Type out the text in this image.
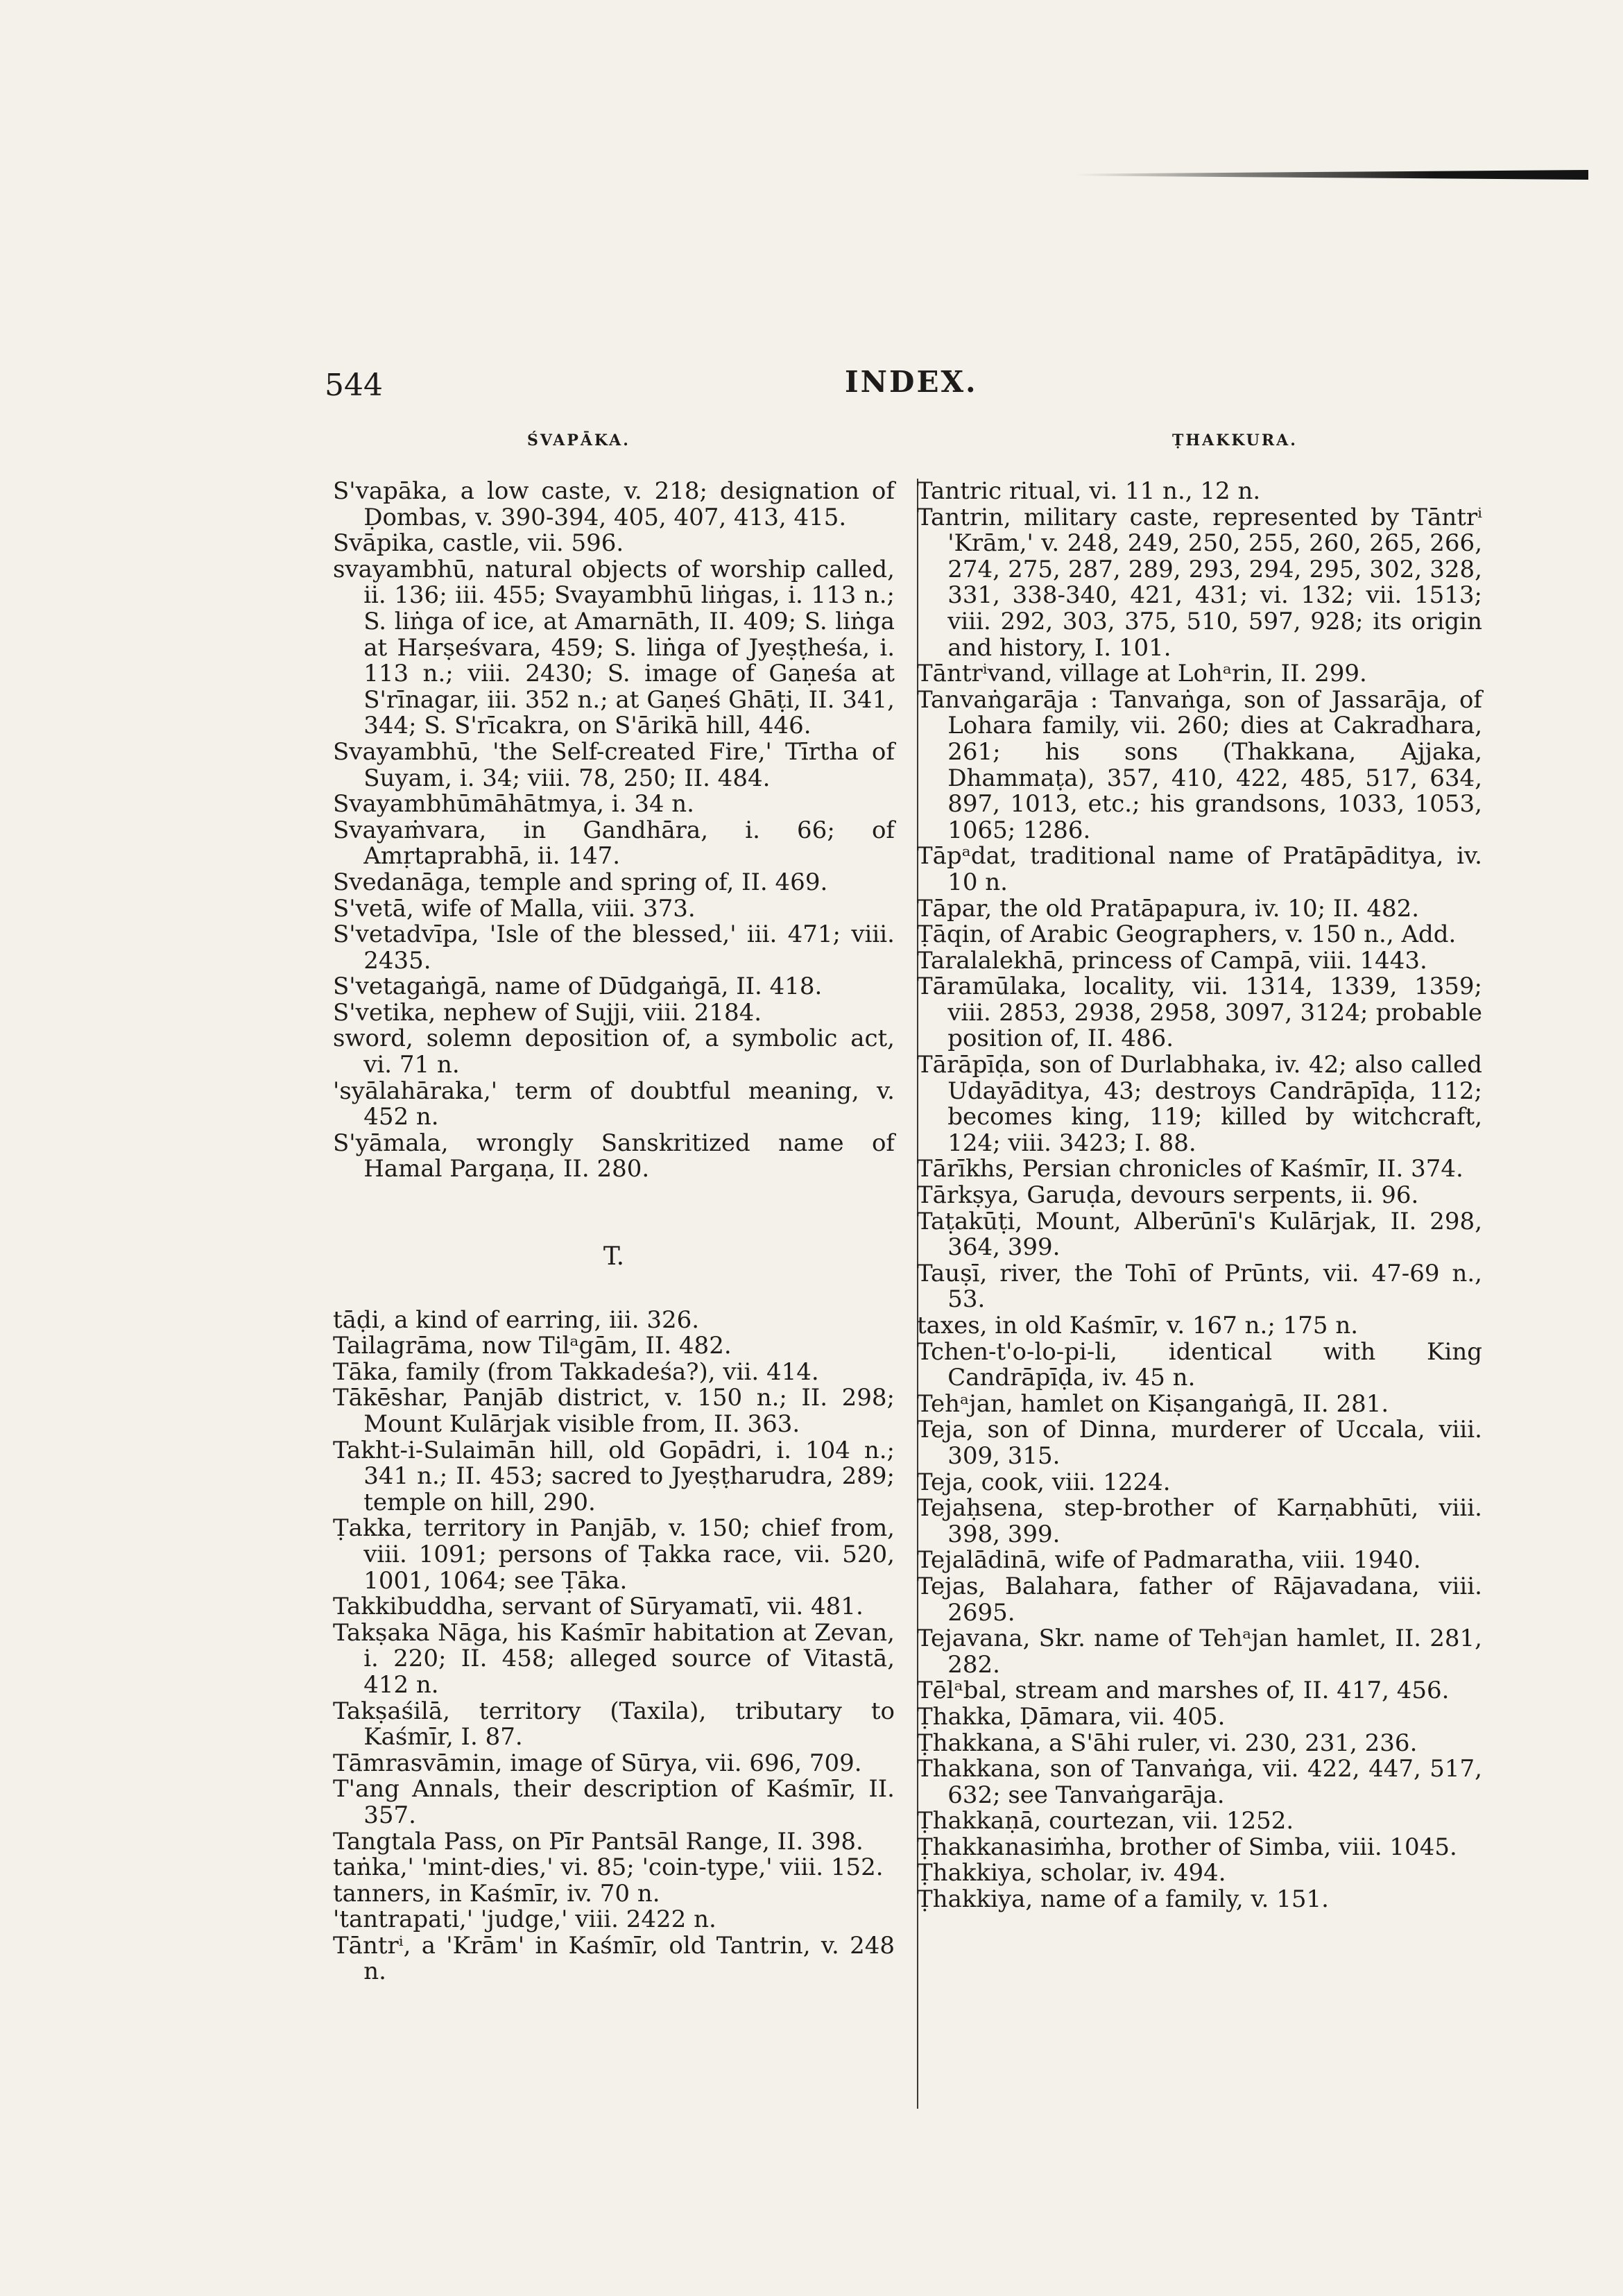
544	INDEX.
ŚVAPĀKA.	ṬHAKKURA.
S'vapāka, a low caste, v. 218; designation of Ḍombas, v. 390-394, 405, 407, 413, 415.
Svāpika, castle, vii. 596.
svayambhū, natural objects of worship called, ii. 136; iii. 455; Svayambhū liṅgas, i. 113 n.; S. liṅga of ice, at Amarnāth, II. 409; S. liṅga at Harṣeśvara, 459; S. liṅga of Jyeṣṭheśa, i. 113 n.; viii. 2430; S. image of Gaṇeśa at S'rīnagar, iii. 352 n.; at Gaṇeś Ghāṭi, II. 341, 344; S. S'rīcakra, on S'ārikā hill, 446.
Svayambhū, 'the Self-created Fire,' Tīrtha of Suyam, i. 34; viii. 78, 250; II. 484.
Svayambhūmāhātmya, i. 34 n.
Svayaṁvara, in Gandhāra, i. 66; of Amṛtaprabhā, ii. 147.
Svedanāga, temple and spring of, II. 469.
S'vetā, wife of Malla, viii. 373.
S'vetadvīpa, 'Isle of the blessed,' iii. 471; viii. 2435.
S'vetagaṅgā, name of Dūdgaṅgā, II. 418.
S'vetika, nephew of Sujji, viii. 2184.
sword, solemn deposition of, a symbolic act, vi. 71 n.
'syālahāraka,' term of doubtful meaning, v. 452 n.
S'yāmala, wrongly Sanskritized name of Hamal Pargaṇa, II. 280.
T.
tāḍi, a kind of earring, iii. 326.
Tailagrāma, now Tilᵃgām, II. 482.
Tāka, family (from Takkadeśa?), vii. 414.
Tākēshar, Panjāb district, v. 150 n.; II. 298; Mount Kulārjak visible from, II. 363.
Takht-i-Sulaimān hill, old Gopādri, i. 104 n.; 341 n.; II. 453; sacred to Jyeṣṭharudra, 289; temple on hill, 290.
Ṭakka, territory in Panjāb, v. 150; chief from, viii. 1091; persons of Ṭakka race, vii. 520, 1001, 1064; see Ṭāka.
Takkibuddha, servant of Sūryamatī, vii. 481.
Takṣaka Nāga, his Kaśmīr habitation at Zevan, i. 220; II. 458; alleged source of Vitastā, 412 n.
Takṣaśilā, territory (Taxila), tributary to Kaśmīr, I. 87.
Tāmrasvāmin, image of Sūrya, vii. 696, 709.
T'ang Annals, their description of Kaśmīr, II. 357.
Tangtala Pass, on Pīr Pantsāl Range, II. 398.
taṅka,' 'mint-dies,' vi. 85; 'coin-type,' viii. 152.
tanners, in Kaśmīr, iv. 70 n.
'tantrapati,' 'judge,' viii. 2422 n.
Tāntrⁱ, a 'Krām' in Kaśmīr, old Tantrin, v. 248 n.
Tantric ritual, vi. 11 n., 12 n.
Tantrin, military caste, represented by Tāntrⁱ 'Krām,' v. 248, 249, 250, 255, 260, 265, 266, 274, 275, 287, 289, 293, 294, 295, 302, 328, 331, 338-340, 421, 431; vi. 132; vii. 1513; viii. 292, 303, 375, 510, 597, 928; its origin and history, I. 101.
Tāntrⁱvand, village at Lohᵃrin, II. 299.
Tanvaṅgarāja : Tanvaṅga, son of Jassarāja, of Lohara family, vii. 260; dies at Cakradhara, 261; his sons (Thakkana, Ajjaka, Dhammaṭa), 357, 410, 422, 485, 517, 634, 897, 1013, etc.; his grandsons, 1033, 1053, 1065; 1286.
Tāpᵃdat, traditional name of Pratāpāditya, iv. 10 n.
Tāpar, the old Pratāpapura, iv. 10; II. 482.
Ṭāqin, of Arabic Geographers, v. 150 n., Add.
Taralalekhā, princess of Campā, viii. 1443.
Tāramūlaka, locality, vii. 1314, 1339, 1359; viii. 2853, 2938, 2958, 3097, 3124; probable position of, II. 486.
Tārāpīḍa, son of Durlabhaka, iv. 42; also called Udayāditya, 43; destroys Candrāpīḍa, 112; becomes king, 119; killed by witchcraft, 124; viii. 3423; I. 88.
Tārīkhs, Persian chronicles of Kaśmīr, II. 374.
Tārkṣya, Garuḍa, devours serpents, ii. 96.
Taṭakūṭi, Mount, Alberūnī's Kulārjak, II. 298, 364, 399.
Tauṣī, river, the Tohī of Prūnts, vii. 47-69 n., 53.
taxes, in old Kaśmīr, v. 167 n.; 175 n.
Tchen-t'o-lo-pi-li, identical with King Candrāpīḍa, iv. 45 n.
Tehᵃjan, hamlet on Kiṣangaṅgā, II. 281.
Teja, son of Dinna, murderer of Uccala, viii. 309, 315.
Teja, cook, viii. 1224.
Tejaḥsena, step-brother of Karṇabhūti, viii. 398, 399.
Tejalādinā, wife of Padmaratha, viii. 1940.
Tejas, Balahara, father of Rājavadana, viii. 2695.
Tejavana, Skr. name of Tehᵃjan hamlet, II. 281, 282.
Tēlᵃbal, stream and marshes of, II. 417, 456.
Ṭhakka, Ḍāmara, vii. 405.
Ṭhakkana, a S'āhi ruler, vi. 230, 231, 236.
Thakkana, son of Tanvaṅga, vii. 422, 447, 517, 632; see Tanvaṅgarāja.
Ṭhakkaṇā, courtezan, vii. 1252.
Ṭhakkanasiṁha, brother of Simba, viii. 1045.
Ṭhakkiya, scholar, iv. 494.
Ṭhakkiya, name of a family, v. 151.
